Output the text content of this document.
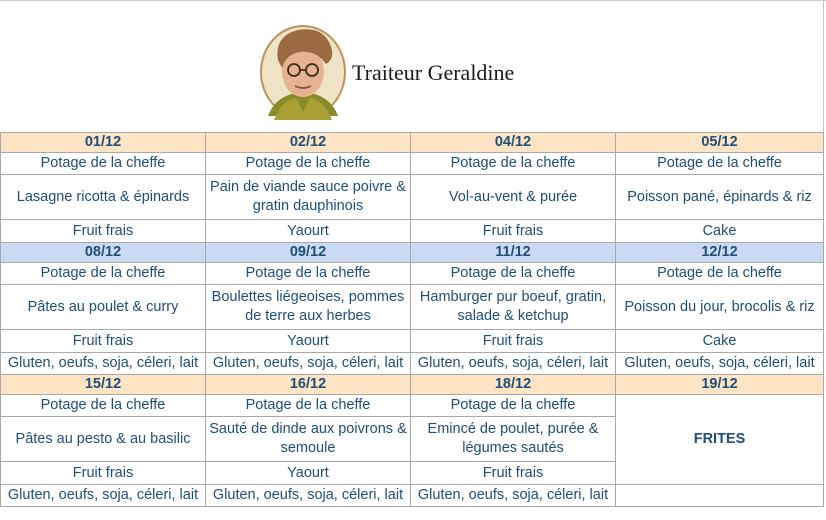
Traiteur Geraldine
01/12	02/12	04/12	05/12
Potage de la cheffe	Potage de la cheffe	Potage de la cheffe	Potage de la cheffe
Lasagne ricotta & épinards	Pain de viande sauce poivre & gratin dauphinois	Vol-au-vent & purée	Poisson pané, épinards & riz
Fruit frais	Yaourt	Fruit frais	Cake
08/12	09/12	11/12	12/12
Potage de la cheffe	Potage de la cheffe	Potage de la cheffe	Potage de la cheffe
Pâtes au poulet & curry	Boulettes liégeoises, pommes de terre aux herbes	Hamburger pur boeuf, gratin, salade & ketchup	Poisson du jour, brocolis & riz
Fruit frais	Yaourt	Fruit frais	Cake
Gluten, oeufs, soja, céleri, lait	Gluten, oeufs, soja, céleri, lait	Gluten, oeufs, soja, céleri, lait	Gluten, oeufs, soja, céleri, lait
15/12	16/12	18/12	19/12
Potage de la cheffe	Potage de la cheffe	Potage de la cheffe	FRITES
Pâtes au pesto & au basilic	Sauté de dinde aux poivrons & semoule	Emincé de poulet, purée & légumes sautés	
Fruit frais	Yaourt	Fruit frais	
Gluten, oeufs, soja, céleri, lait	Gluten, oeufs, soja, céleri, lait	Gluten, oeufs, soja, céleri, lait	
